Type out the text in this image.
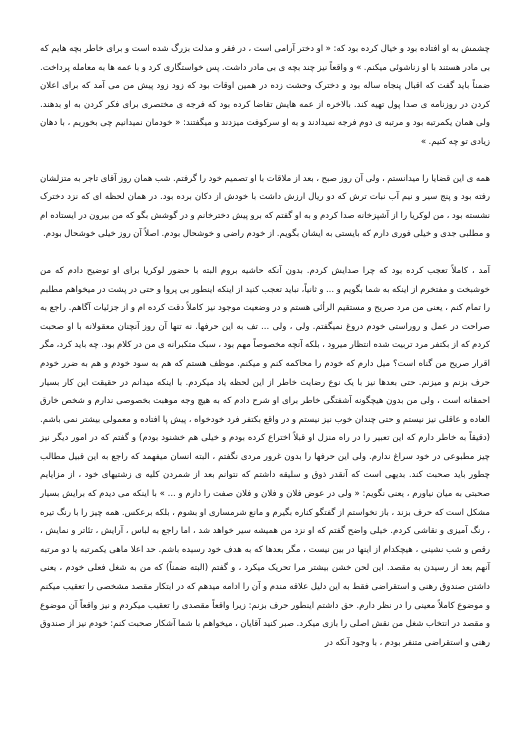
چشمش به او افتاده بود و خیال کرده بود که: « او دختر آرامی است ، در فقر و مذلت بزرگ شده است و برای خاطر بچه هایم که بی مادر هستند با او زناشوئی میکنم. » و واقعاً نیز چند بچه ی بی مادر داشت. پس خواستگاری کرد و با عمه ها به معامله پرداخت. ضمناً باید گفت که اقبال پنجاه ساله بود و دخترک وحشت زده در همین اوقات بود که زود زود پیش من می آمد که برای اعلان کردن در روزنامه ی صدا پول تهیه کند. بالاخره از عمه هایش تقاضا کرده بود که فرجه ی مختصری برای فکر کردن به او بدهند. ولی همان یکمرتبه بود و مرتبه ی دوم فرجه نمیدادند و به او سرکوفت میزدند و میگفتند: « خودمان نمیدانیم چی بخوریم ، با دهان زیادی تو چه کنیم. »

همه ی این قضایا را میدانستم ، ولی آن روز صبح ، بعد از ملاقات با او تصمیم خود را گرفتم. شب همان روز آقای تاجر به متزلشان رفته بود و پنج سیر و نیم آب نبات ترش که دو ریال ارزش داشت با خودش از دکان برده بود. در همان لحظه ای که نزد دخترک نشسته بود ، من لوکریا را از آشپزخانه صدا کردم و به او گفتم که برو پیش دخترخانم و در گوشش بگو که من بیرون در ایستاده ام و مطلبی جدی و خیلی فوری دارم که بایستی به ایشان بگویم. از خودم راضی و خوشحال بودم. اصلاً آن روز خیلی خوشحال بودم.

آمد ، کاملاً تعجب کرده بود که چرا صدایش کردم. بدون آنکه حاشیه بروم البته با حضور لوکریا برای او توضیح دادم که من خوشبخت و مفتخرم از اینکه به شما بگویم و ... و ثانیاً، نباید تعجب کنید از اینکه اینطور بی پروا و حتی در پشت در میخواهم مطلبم را تمام کنم ، یعنی من مرد صریح و مستقیم الرأئی هستم و در وضعیت موجود نیز کاملاً دقت کرده ام و از جزئیات آگاهم. راجع به صراحت در عمل و روراستی خودم دروغ نمیگفتم. ولی ، ولی ... تف به این حرفها. نه تنها آن روز آنچنان معقولانه با او صحبت کردم که از بکتفر مرد تربیت شده انتظار میرود ، بلکه آنچه مخصوصاً مهم بود ، سبک متکبرانه ی من در کلام بود. چه باید کرد، مگر اقرار صریح من گناه است؟ میل دارم که خودم را محاکمه کنم و میکنم. موظف هستم که هم به سود خودم و هم به ضرر خودم حرف بزنم و میزنم. حتی بعدها نیز با یک نوع رضایت خاطر از این لحظه یاد میکردم. با اینکه میدانم در حقیقت این کار بسیار احمقانه است ، ولی من بدون هیچگونه آشفتگی خاطر برای او شرح دادم که به هیچ وجه موهبت بخصوصی ندارم و شخص خارق العاده و عاقلی نیز نیستم و حتی چندان خوب نیز نیستم و در واقع بکتفر فرد خودخواه ، پیش پا افتاده و معمولی بیشتر نمی باشم. (دقیقاً به خاطر دارم که این تعبیر را در راه منزل او قبلاً اختراع کرده بودم و خیلی هم خشنود بودم) و گفتم که در امور دیگر نیز چیز مطبوعی در خود سراغ ندارم. ولی این حرفها را بدون غرور مردی نگفتم ، البته انسان میفهمد که راجع به این قبیل مطالب چطور باید صحبت کند. بدیهی است که آنقدر ذوق و سلیقه داشتم که نتوانم بعد از شمردن کلیه ی زشتیهای خود ، از مزایایم صحبتی به میان نیاورم ، یعنی نگویم: « ولی در عوض فلان و فلان و فلان صفت را دارم و ... » با اینکه می دیدم که برایش بسیار مشکل است که حرف بزند ، باز نخواستم از گفتگو کناره بگیرم و مانع شرمساری او بشوم ، بلکه برعکس. همه چیز را با رنگ تیره ، رنگ آمیزی و نقاشی کردم. خیلی واضح گفتم که او نزد من همیشه سیر خواهد شد ، اما راجع به لباس ، آرایش ، تئاتر و نمایش ، رقص و شب نشینی ، هیچکدام از اینها در بین نیست ، مگر بعدها که به هدف خود رسیده باشم. حد اعلا ماهی یکمرتبه یا دو مرتبه آنهم بعد از رسیدن به مقصد. این لحن خشن بیشتر مرا تحریک میکرد ، و گفتم (البته ضمناً) که من به شغل فعلی خودم ، یعنی داشتن صندوق رهنی و استقراضی فقط به این دلیل علاقه مندم و آن را ادامه میدهم که در ابتکار مقصد مشخصی را تعقیب میکنم و موضوع کاملاً معینی را در نظر دارم. حق داشتم اینطور حرف بزنم: زیرا واقعاً مقصدی را تعقیب میکردم و نیز واقعاً آن موضوع و مقصد در انتخاب شغل من نقش اصلی را بازی میکرد. صبر کنید آقایان ، میخواهم با شما آشکار صحبت کنم: خودم نیز از صندوق رهنی و استقراضی متنفر بودم ، با وجود آنکه در
